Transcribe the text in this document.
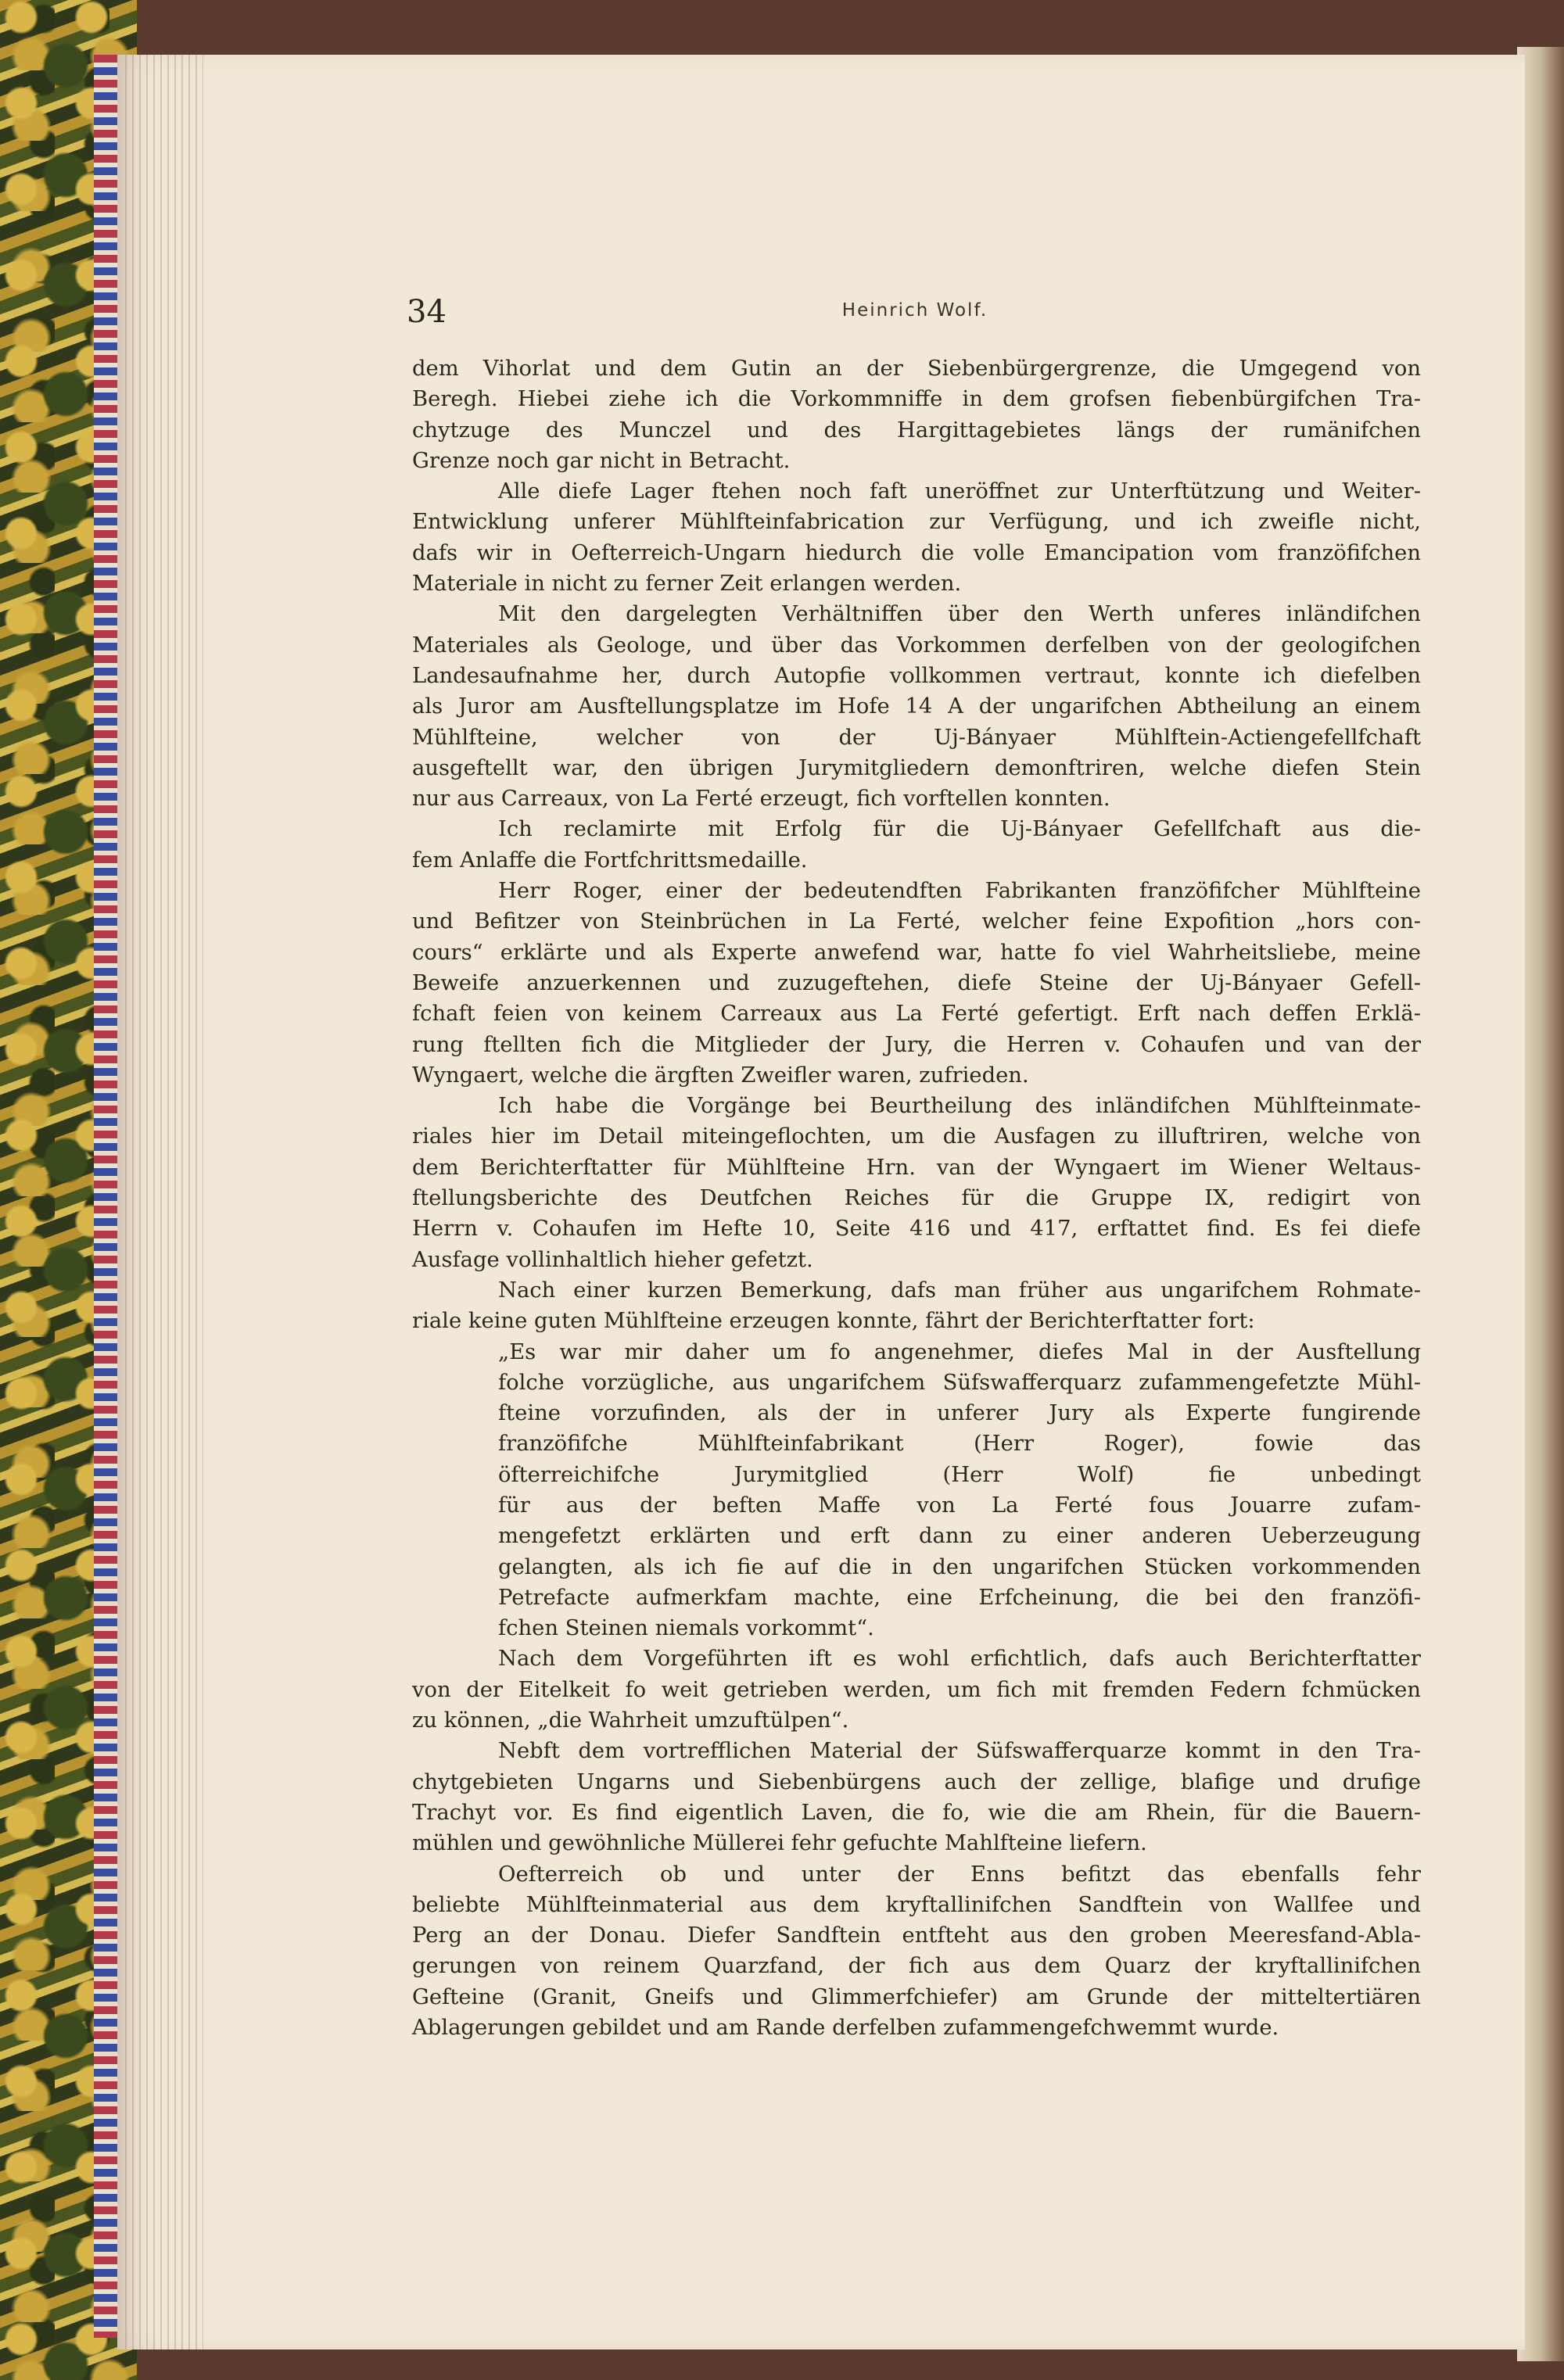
34	Heinrich Wolf.
dem Vihorlat und dem Gutin an der Siebenbürgergrenze, die Umgegend von
Beregh. Hiebei ziehe ich die Vorkommniffe in dem grofsen fiebenbürgifchen Tra-
chytzuge des Munczel und des Hargittagebietes längs der rumänifchen
Grenze noch gar nicht in Betracht.
Alle diefe Lager ftehen noch faft uneröffnet zur Unterftützung und Weiter-
Entwicklung unferer Mühlfteinfabrication zur Verfügung, und ich zweifle nicht,
dafs wir in Oefterreich-Ungarn hiedurch die volle Emancipation vom franzöfifchen
Materiale in nicht zu ferner Zeit erlangen werden.
Mit den dargelegten Verhältniffen über den Werth unferes inländifchen
Materiales als Geologe, und über das Vorkommen derfelben von der geologifchen
Landesaufnahme her, durch Autopfie vollkommen vertraut, konnte ich diefelben
als Juror am Ausftellungsplatze im Hofe 14 A der ungarifchen Abtheilung an einem
Mühlfteine, welcher von der Uj-Bányaer Mühlftein-Actiengefellfchaft
ausgeftellt war, den übrigen Jurymitgliedern demonftriren, welche diefen Stein
nur aus Carreaux, von La Ferté erzeugt, fich vorftellen konnten.
Ich reclamirte mit Erfolg für die Uj-Bányaer Gefellfchaft aus die-
fem Anlaffe die Fortfchrittsmedaille.
Herr Roger, einer der bedeutendften Fabrikanten franzöfifcher Mühlfteine
und Befitzer von Steinbrüchen in La Ferté, welcher feine Expofition „hors con-
cours“ erklärte und als Experte anwefend war, hatte fo viel Wahrheitsliebe, meine
Beweife anzuerkennen und zuzugeftehen, diefe Steine der Uj-Bányaer Gefell-
fchaft feien von keinem Carreaux aus La Ferté gefertigt. Erft nach deffen Erklä-
rung ftellten fich die Mitglieder der Jury, die Herren v. Cohaufen und van der
Wyngaert, welche die ärgften Zweifler waren, zufrieden.
Ich habe die Vorgänge bei Beurtheilung des inländifchen Mühlfteinmate-
riales hier im Detail miteingeflochten, um die Ausfagen zu illuftriren, welche von
dem Berichterftatter für Mühlfteine Hrn. van der Wyngaert im Wiener Weltaus-
ftellungsberichte des Deutfchen Reiches für die Gruppe IX, redigirt von
Herrn v. Cohaufen im Hefte 10, Seite 416 und 417, erftattet find. Es fei diefe
Ausfage vollinhaltlich hieher gefetzt.
Nach einer kurzen Bemerkung, dafs man früher aus ungarifchem Rohmate-
riale keine guten Mühlfteine erzeugen konnte, fährt der Berichterftatter fort:
„Es war mir daher um fo angenehmer, diefes Mal in der Ausftellung
folche vorzügliche, aus ungarifchem Süfswafferquarz zufammengefetzte Mühl-
fteine vorzufinden, als der in unferer Jury als Experte fungirende
franzöfifche Mühlfteinfabrikant (Herr Roger), fowie das
öfterreichifche Jurymitglied (Herr Wolf) fie unbedingt
für aus der beften Maffe von La Ferté fous Jouarre zufam-
mengefetzt erklärten und erft dann zu einer anderen Ueberzeugung
gelangten, als ich fie auf die in den ungarifchen Stücken vorkommenden
Petrefacte aufmerkfam machte, eine Erfcheinung, die bei den franzöfi-
fchen Steinen niemals vorkommt“.
Nach dem Vorgeführten ift es wohl erfichtlich, dafs auch Berichterftatter
von der Eitelkeit fo weit getrieben werden, um fich mit fremden Federn fchmücken
zu können, „die Wahrheit umzuftülpen“.
Nebft dem vortrefflichen Material der Süfswafferquarze kommt in den Tra-
chytgebieten Ungarns und Siebenbürgens auch der zellige, blafige und drufige
Trachyt vor. Es find eigentlich Laven, die fo, wie die am Rhein, für die Bauern-
mühlen und gewöhnliche Müllerei fehr gefuchte Mahlfteine liefern.
Oefterreich ob und unter der Enns befitzt das ebenfalls fehr
beliebte Mühlfteinmaterial aus dem kryftallinifchen Sandftein von Wallfee und
Perg an der Donau. Diefer Sandftein entfteht aus den groben Meeresfand-Abla-
gerungen von reinem Quarzfand, der fich aus dem Quarz der kryftallinifchen
Gefteine (Granit, Gneifs und Glimmerfchiefer) am Grunde der mitteltertiären
Ablagerungen gebildet und am Rande derfelben zufammengefchwemmt wurde.
